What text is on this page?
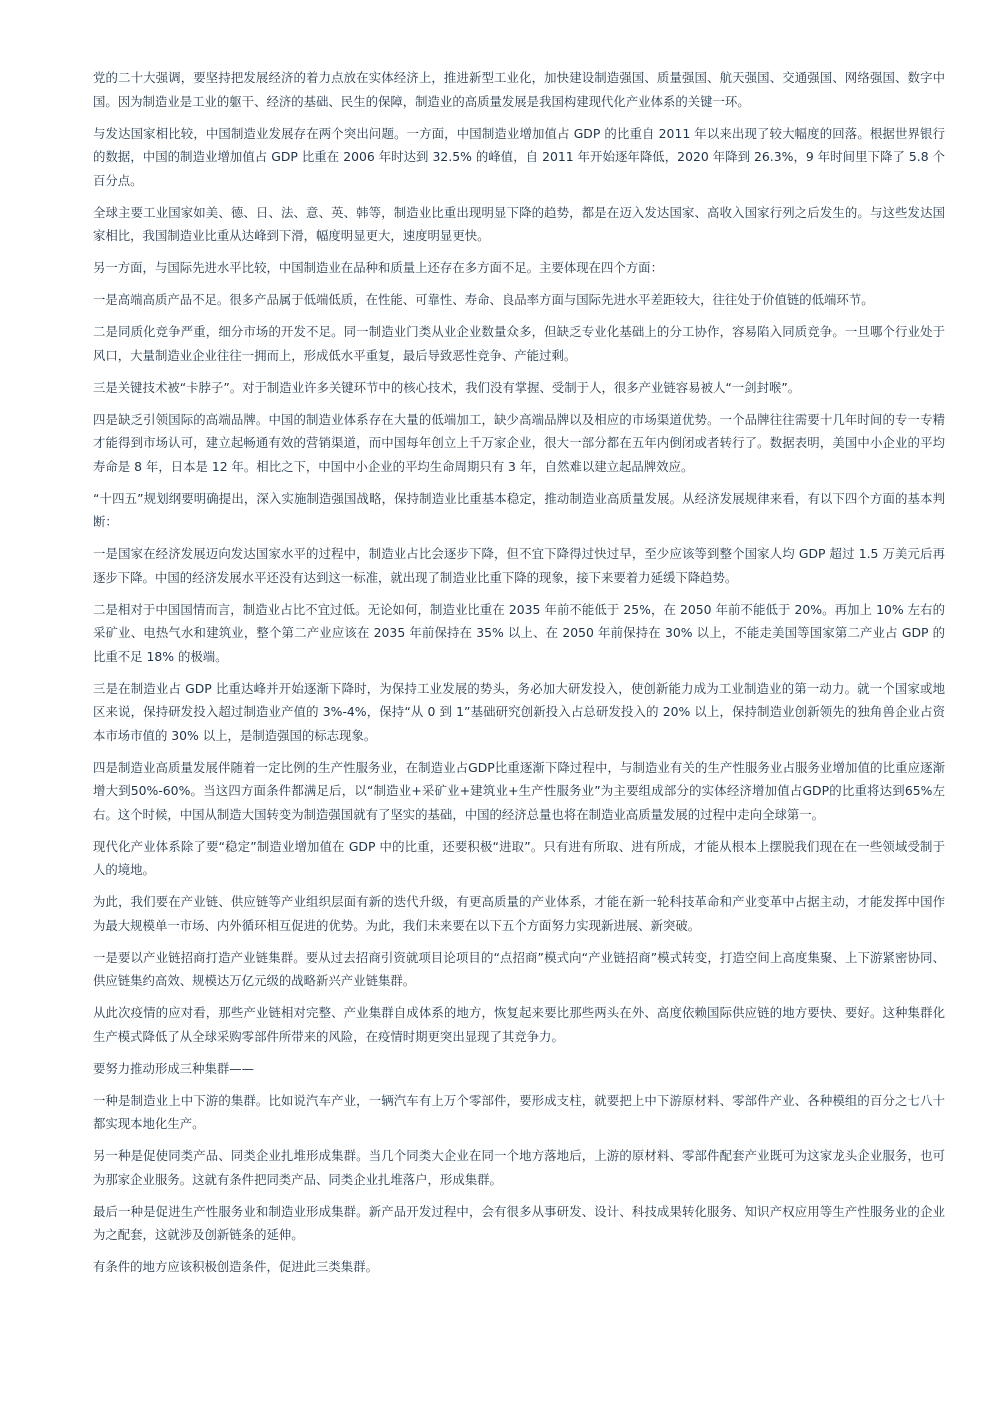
党的二十大强调，要坚持把发展经济的着力点放在实体经济上，推进新型工业化，加快建设制造强国、质量强国、航天强国、交通强国、网络强国、数字中国。因为制造业是工业的躯干、经济的基础、民生的保障，制造业的高质量发展是我国构建现代化产业体系的关键一环。

与发达国家相比较，中国制造业发展存在两个突出问题。一方面，中国制造业增加值占 GDP 的比重自 2011 年以来出现了较大幅度的回落。根据世界银行的数据，中国的制造业增加值占 GDP 比重在 2006 年时达到 32.5% 的峰值，自 2011 年开始逐年降低，2020 年降到 26.3%，9 年时间里下降了 5.8 个百分点。

全球主要工业国家如美、德、日、法、意、英、韩等，制造业比重出现明显下降的趋势，都是在迈入发达国家、高收入国家行列之后发生的。与这些发达国家相比，我国制造业比重从达峰到下滑，幅度明显更大，速度明显更快。

另一方面，与国际先进水平比较，中国制造业在品种和质量上还存在多方面不足。主要体现在四个方面：

一是高端高质产品不足。很多产品属于低端低质，在性能、可靠性、寿命、良品率方面与国际先进水平差距较大，往往处于价值链的低端环节。

二是同质化竞争严重，细分市场的开发不足。同一制造业门类从业企业数量众多，但缺乏专业化基础上的分工协作，容易陷入同质竞争。一旦哪个行业处于风口，大量制造业企业往往一拥而上，形成低水平重复，最后导致恶性竞争、产能过剩。

三是关键技术被“卡脖子”。对于制造业许多关键环节中的核心技术，我们没有掌握、受制于人，很多产业链容易被人“一剑封喉”。

四是缺乏引领国际的高端品牌。中国的制造业体系存在大量的低端加工，缺少高端品牌以及相应的市场渠道优势。一个品牌往往需要十几年时间的专一专精才能得到市场认可，建立起畅通有效的营销渠道，而中国每年创立上千万家企业，很大一部分都在五年内倒闭或者转行了。数据表明，美国中小企业的平均寿命是 8 年，日本是 12 年。相比之下，中国中小企业的平均生命周期只有 3 年，自然难以建立起品牌效应。

“十四五”规划纲要明确提出，深入实施制造强国战略，保持制造业比重基本稳定，推动制造业高质量发展。从经济发展规律来看，有以下四个方面的基本判断：

一是国家在经济发展迈向发达国家水平的过程中，制造业占比会逐步下降，但不宜下降得过快过早，至少应该等到整个国家人均 GDP 超过 1.5 万美元后再逐步下降。中国的经济发展水平还没有达到这一标准，就出现了制造业比重下降的现象，接下来要着力延缓下降趋势。

二是相对于中国国情而言，制造业占比不宜过低。无论如何，制造业比重在 2035 年前不能低于 25%，在 2050 年前不能低于 20%。再加上 10% 左右的采矿业、电热气水和建筑业，整个第二产业应该在 2035 年前保持在 35% 以上、在 2050 年前保持在 30% 以上，不能走美国等国家第二产业占 GDP 的比重不足 18% 的极端。

三是在制造业占 GDP 比重达峰并开始逐渐下降时，为保持工业发展的势头，务必加大研发投入，使创新能力成为工业制造业的第一动力。就一个国家或地区来说，保持研发投入超过制造业产值的 3%-4%，保持“从 0 到 1”基础研究创新投入占总研发投入的 20% 以上，保持制造业创新领先的独角兽企业占资本市场市值的 30% 以上，是制造强国的标志现象。

四是制造业高质量发展伴随着一定比例的生产性服务业，在制造业占GDP比重逐渐下降过程中，与制造业有关的生产性服务业占服务业增加值的比重应逐渐增大到50%-60%。当这四方面条件都满足后，以“制造业+采矿业+建筑业+生产性服务业”为主要组成部分的实体经济增加值占GDP的比重将达到65%左右。这个时候，中国从制造大国转变为制造强国就有了坚实的基础，中国的经济总量也将在制造业高质量发展的过程中走向全球第一。

现代化产业体系除了要“稳定”制造业增加值在 GDP 中的比重，还要积极“进取”。只有进有所取、进有所成，才能从根本上摆脱我们现在在一些领域受制于人的境地。

为此，我们要在产业链、供应链等产业组织层面有新的迭代升级，有更高质量的产业体系，才能在新一轮科技革命和产业变革中占据主动，才能发挥中国作为最大规模单一市场、内外循环相互促进的优势。为此，我们未来要在以下五个方面努力实现新进展、新突破。

一是要以产业链招商打造产业链集群。要从过去招商引资就项目论项目的“点招商”模式向“产业链招商”模式转变，打造空间上高度集聚、上下游紧密协同、供应链集约高效、规模达万亿元级的战略新兴产业链集群。

从此次疫情的应对看，那些产业链相对完整、产业集群自成体系的地方，恢复起来要比那些两头在外、高度依赖国际供应链的地方要快、要好。这种集群化生产模式降低了从全球采购零部件所带来的风险，在疫情时期更突出显现了其竞争力。

要努力推动形成三种集群——

一种是制造业上中下游的集群。比如说汽车产业，一辆汽车有上万个零部件，要形成支柱，就要把上中下游原材料、零部件产业、各种模组的百分之七八十都实现本地化生产。

另一种是促使同类产品、同类企业扎堆形成集群。当几个同类大企业在同一个地方落地后，上游的原材料、零部件配套产业既可为这家龙头企业服务，也可为那家企业服务。这就有条件把同类产品、同类企业扎堆落户，形成集群。

最后一种是促进生产性服务业和制造业形成集群。新产品开发过程中，会有很多从事研发、设计、科技成果转化服务、知识产权应用等生产性服务业的企业为之配套，这就涉及创新链条的延伸。

有条件的地方应该积极创造条件，促进此三类集群。
